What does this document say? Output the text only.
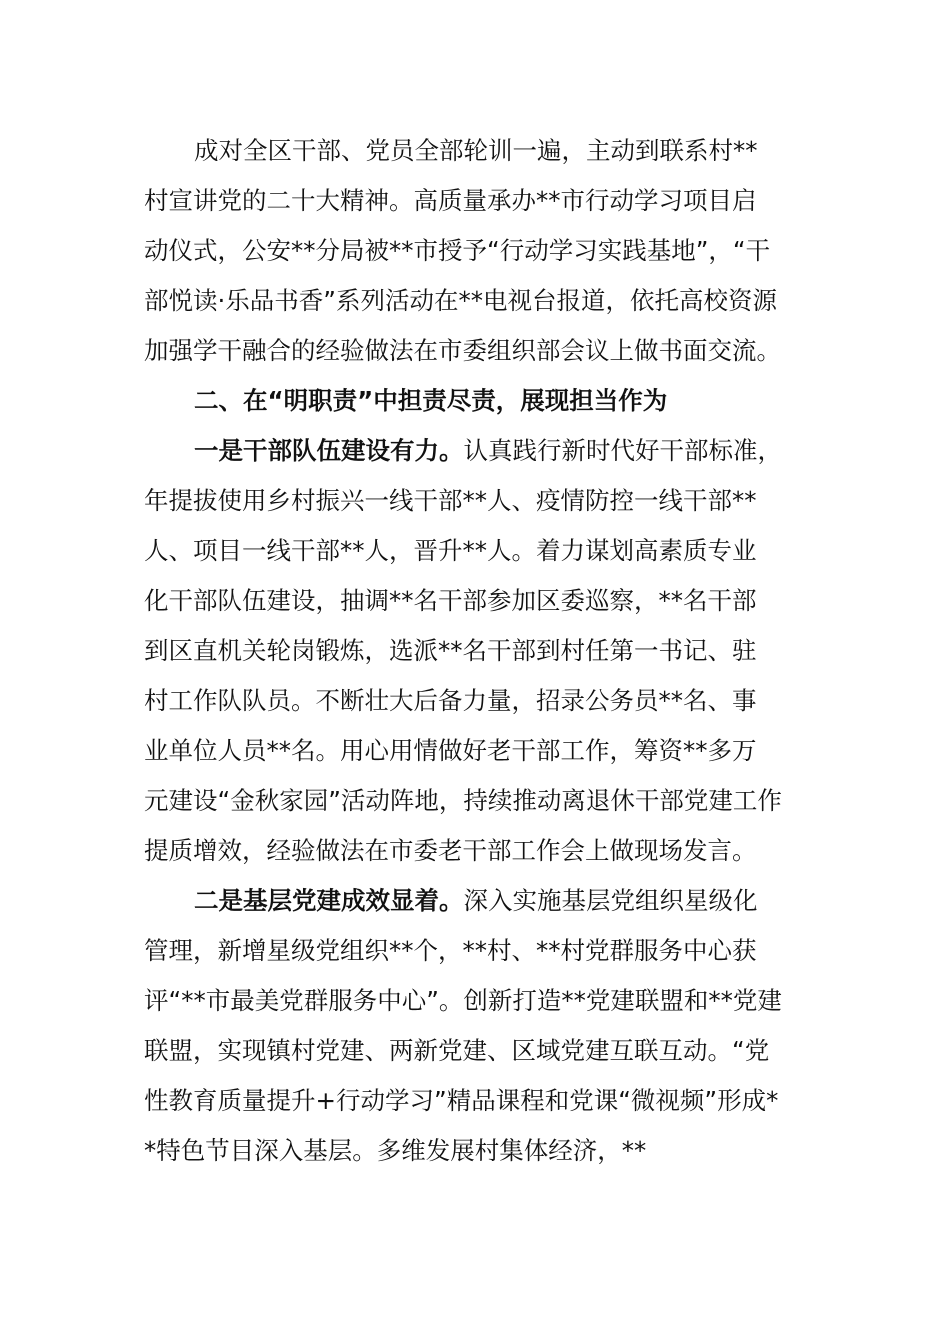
成对全区干部、党员全部轮训一遍，主动到联系村**
村宣讲党的二十大精神。高质量承办**市行动学习项目启
动仪式，公安**分局被**市授予“行动学习实践基地”，“干
部悦读·乐品书香”系列活动在**电视台报道，依托高校资源
加强学干融合的经验做法在市委组织部会议上做书面交流。
二、在“明职责”中担责尽责，展现担当作为
一是干部队伍建设有力。认真践行新时代好干部标准，
年提拔使用乡村振兴一线干部**人、疫情防控一线干部**
人、项目一线干部**人，晋升**人。着力谋划高素质专业
化干部队伍建设，抽调**名干部参加区委巡察，**名干部
到区直机关轮岗锻炼，选派**名干部到村任第一书记、驻
村工作队队员。不断壮大后备力量，招录公务员**名、事
业单位人员**名。用心用情做好老干部工作，筹资**多万
元建设“金秋家园”活动阵地，持续推动离退休干部党建工作
提质增效，经验做法在市委老干部工作会上做现场发言。
二是基层党建成效显着。深入实施基层党组织星级化
管理，新增星级党组织**个，**村、**村党群服务中心获
评“**市最美党群服务中心”。创新打造**党建联盟和**党建
联盟，实现镇村党建、两新党建、区域党建互联互动。“党
性教育质量提升+行动学习”精品课程和党课“微视频”形成*
*特色节目深入基层。多维发展村集体经济，**
